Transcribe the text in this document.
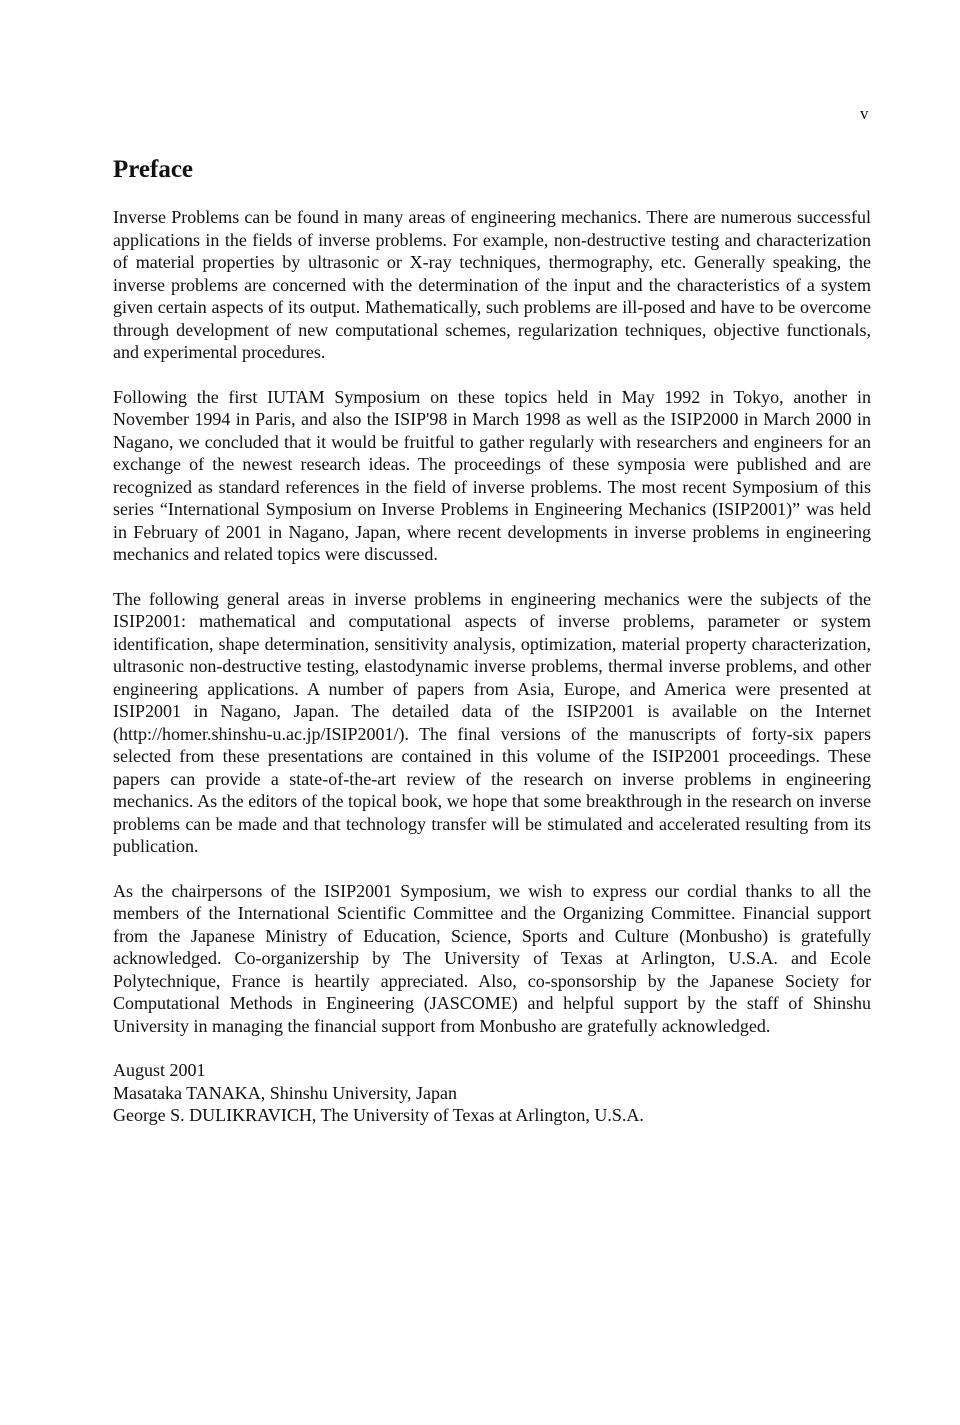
v
Preface

Inverse Problems can be found in many areas of engineering mechanics. There are numerous successful applications in the fields of inverse problems. For example, non-destructive testing and characterization of material properties by ultrasonic or X-ray techniques, thermography, etc. Generally speaking, the inverse problems are concerned with the determination of the input and the characteristics of a system given certain aspects of its output. Mathematically, such problems are ill-posed and have to be overcome through development of new computational schemes, regularization techniques, objective functionals, and experimental procedures.

Following the first IUTAM Symposium on these topics held in May 1992 in Tokyo, another in November 1994 in Paris, and also the ISIP'98 in March 1998 as well as the ISIP2000 in March 2000 in Nagano, we concluded that it would be fruitful to gather regularly with researchers and engineers for an exchange of the newest research ideas. The proceedings of these symposia were published and are recognized as standard references in the field of inverse problems. The most recent Symposium of this series “International Symposium on Inverse Problems in Engineering Mechanics (ISIP2001)” was held in February of 2001 in Nagano, Japan, where recent developments in inverse problems in engineering mechanics and related topics were discussed.

The following general areas in inverse problems in engineering mechanics were the subjects of the ISIP2001: mathematical and computational aspects of inverse problems, parameter or system identification, shape determination, sensitivity analysis, optimization, material property characterization, ultrasonic non-destructive testing, elastodynamic inverse problems, thermal inverse problems, and other engineering applications. A number of papers from Asia, Europe, and America were presented at ISIP2001 in Nagano, Japan. The detailed data of the ISIP2001 is available on the Internet (http://homer.shinshu-u.ac.jp/ISIP2001/). The final versions of the manuscripts of forty-six papers selected from these presentations are contained in this volume of the ISIP2001 proceedings. These papers can provide a state-of-the-art review of the research on inverse problems in engineering mechanics. As the editors of the topical book, we hope that some breakthrough in the research on inverse problems can be made and that technology transfer will be stimulated and accelerated resulting from its publication.

As the chairpersons of the ISIP2001 Symposium, we wish to express our cordial thanks to all the members of the International Scientific Committee and the Organizing Committee. Financial support from the Japanese Ministry of Education, Science, Sports and Culture (Monbusho) is gratefully acknowledged. Co-organizership by The University of Texas at Arlington, U.S.A. and Ecole Polytechnique, France is heartily appreciated. Also, co-sponsorship by the Japanese Society for Computational Methods in Engineering (JASCOME) and helpful support by the staff of Shinshu University in managing the financial support from Monbusho are gratefully acknowledged.

August 2001
Masataka TANAKA, Shinshu University, Japan
George S. DULIKRAVICH, The University of Texas at Arlington, U.S.A.
